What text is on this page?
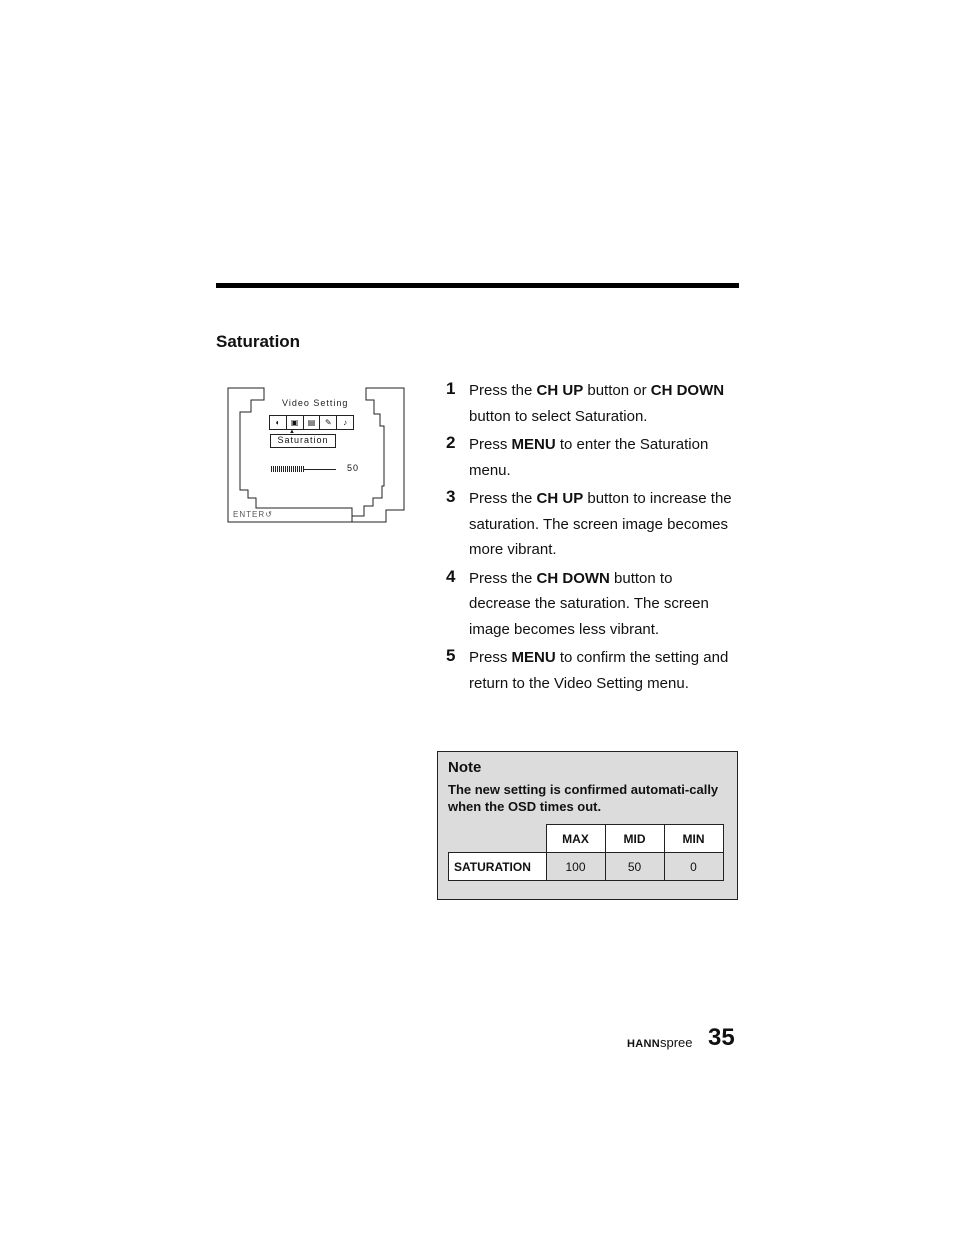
Saturation
Video Setting
◐	▣	▤	✎	♪
▲
Saturation
50
ENTER↺
1 Press the CH UP button or CH DOWN button to select Saturation.
2 Press MENU to enter the Saturation menu.
3 Press the CH UP button to increase the saturation. The screen image becomes more vibrant.
4 Press the CH DOWN button to decrease the saturation. The screen image becomes less vibrant.
5 Press MENU to confirm the setting and return to the Video Setting menu.
Note
The new setting is confirmed automati-cally when the OSD times out.
	MAX	MID	MIN
SATURATION	100	50	0
HANNspree 35
